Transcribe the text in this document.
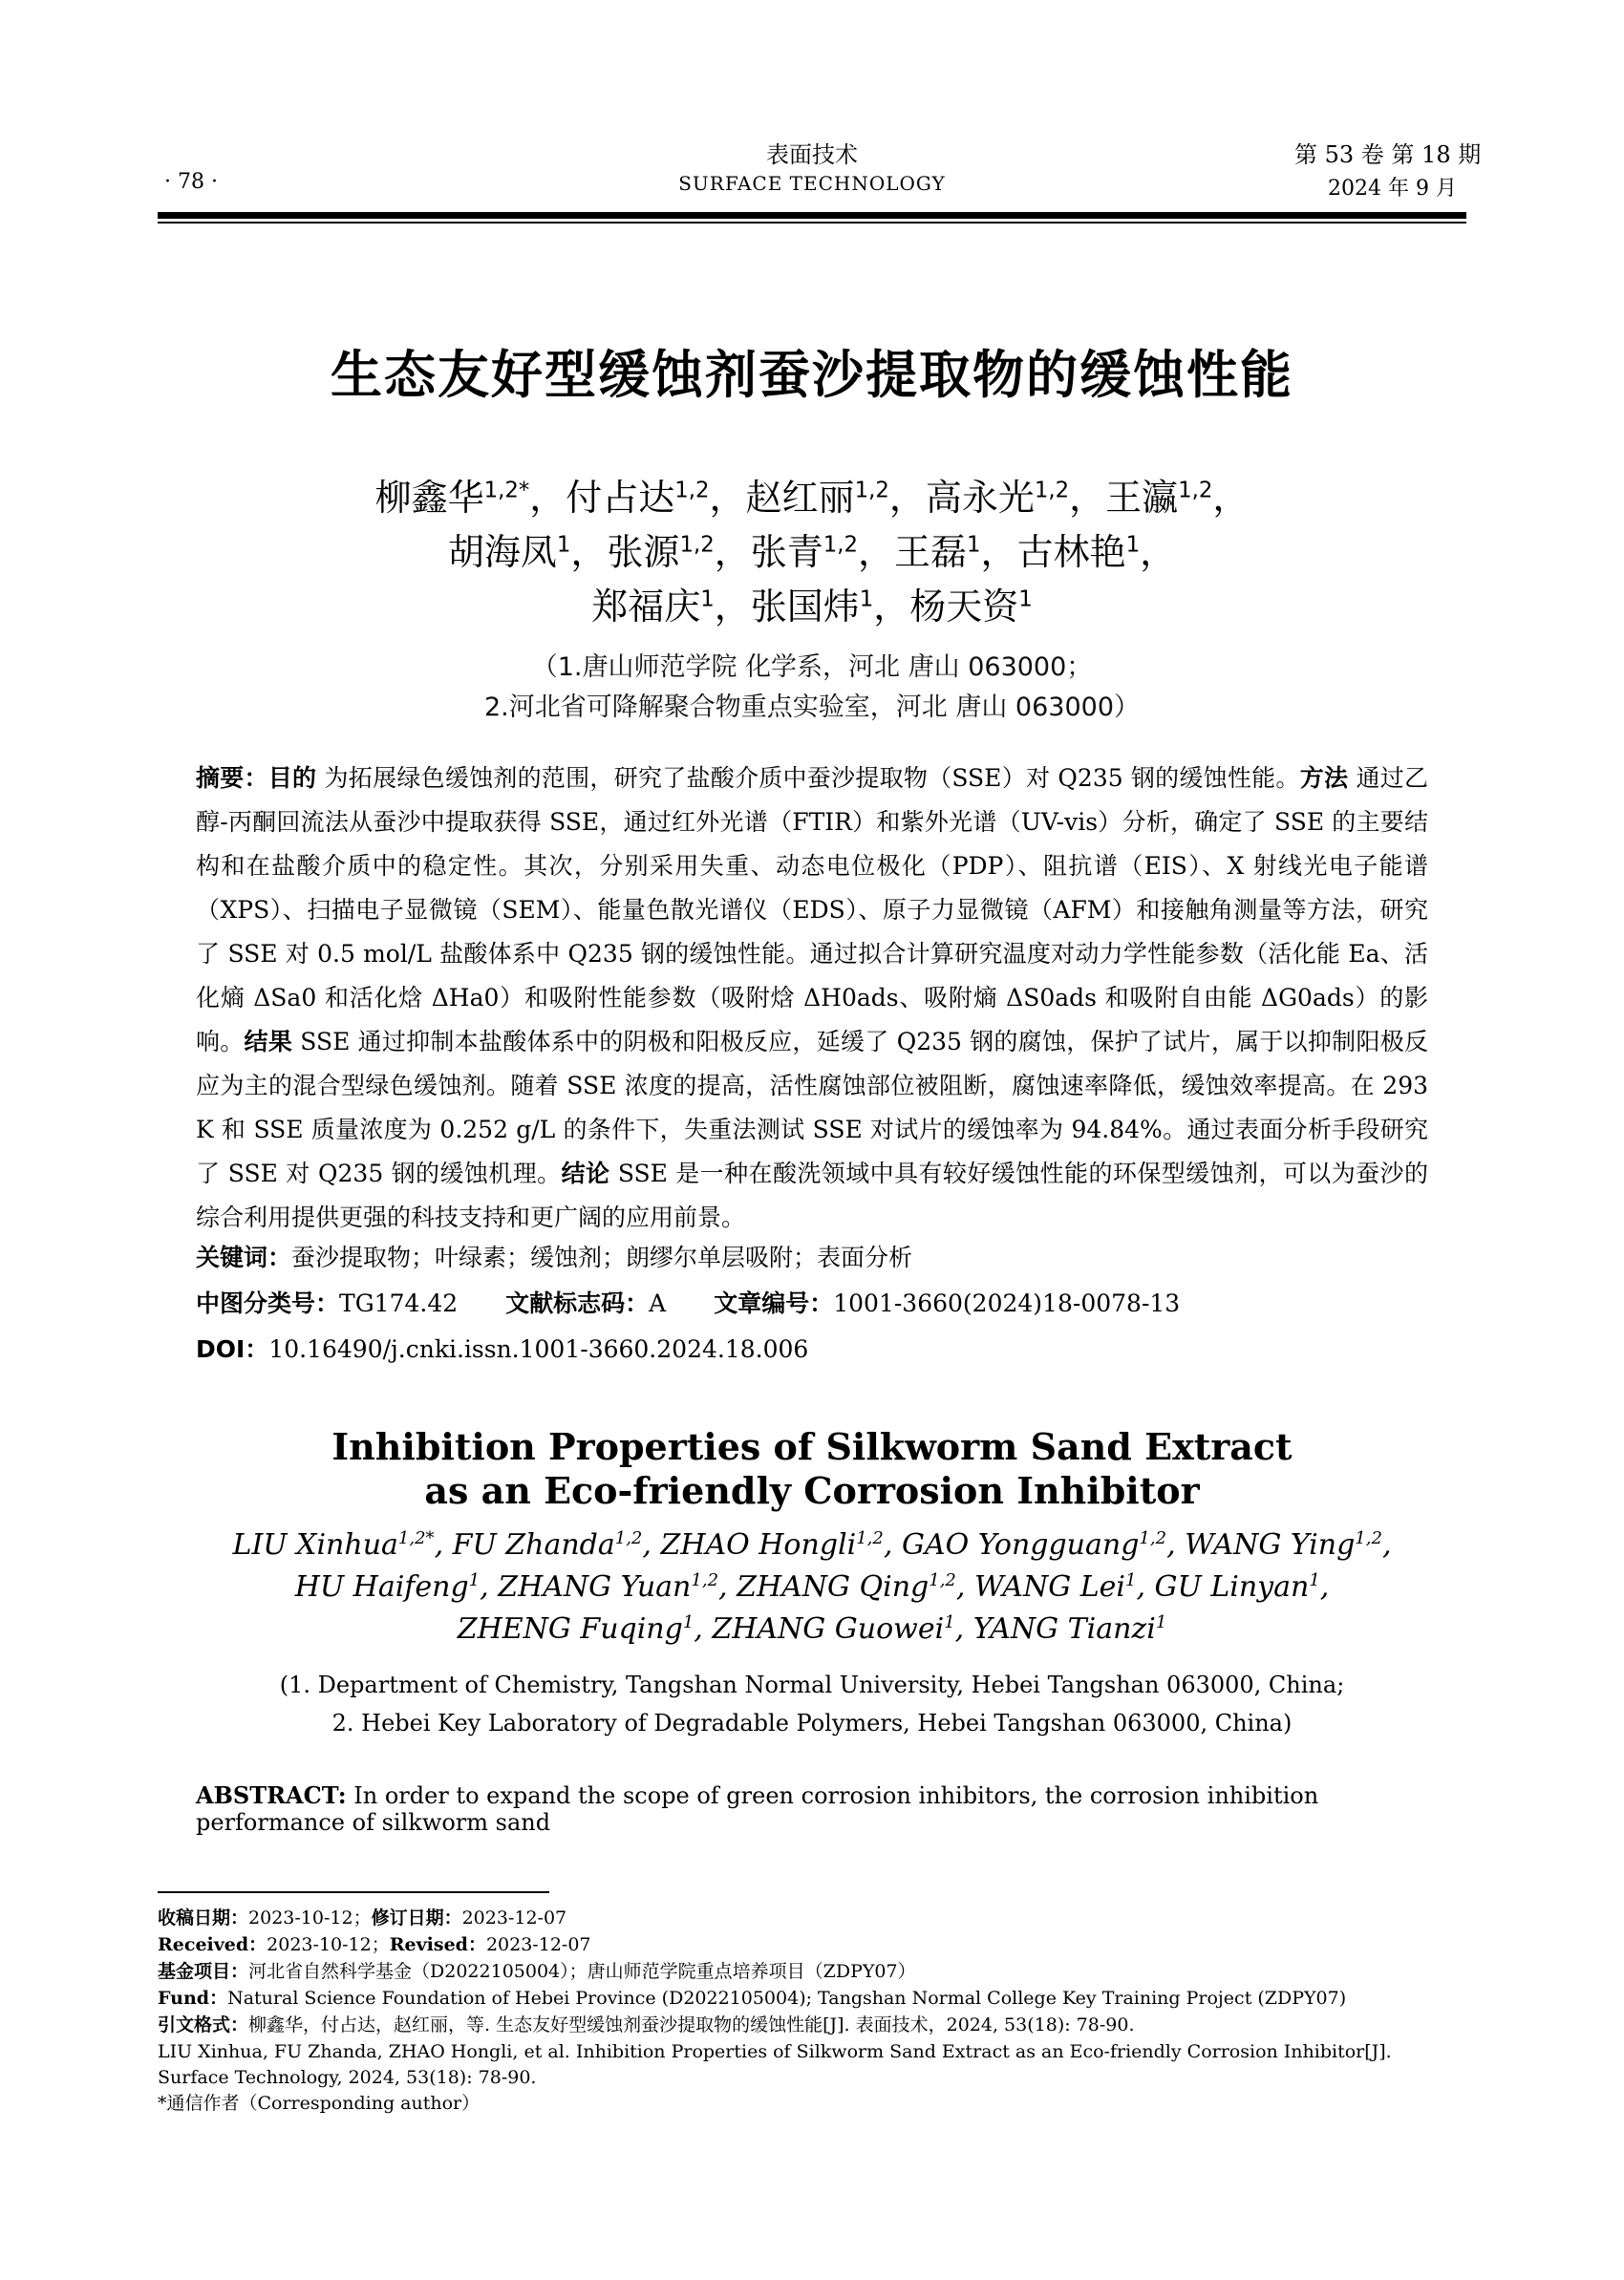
· 78 ·
表面技术
SURFACE TECHNOLOGY
第 53 卷 第 18 期
2024 年 9 月
生态友好型缓蚀剂蚕沙提取物的缓蚀性能
柳鑫华$^{1,2*}$，付占达$^{1,2}$，赵红丽$^{1,2}$，高永光$^{1,2}$，王瀛$^{1,2}$，
胡海凤$^1$，张源$^{1,2}$，张青$^{1,2}$，王磊$^1$，古林艳$^1$，
郑福庆$^1$，张国炜$^1$，杨天资$^1$
（1.唐山师范学院 化学系，河北 唐山 063000；
2.河北省可降解聚合物重点实验室，河北 唐山 063000）
摘要：目的 为拓展绿色缓蚀剂的范围，研究了盐酸介质中蚕沙提取物（SSE）对 Q235 钢的缓蚀性能。方法 通过乙醇-丙酮回流法从蚕沙中提取获得 SSE，通过红外光谱（FTIR）和紫外光谱（UV-vis）分析，确定了 SSE 的主要结构和在盐酸介质中的稳定性。其次，分别采用失重、动态电位极化（PDP）、阻抗谱（EIS）、X 射线光电子能谱（XPS）、扫描电子显微镜（SEM）、能量色散光谱仪（EDS）、原子力显微镜（AFM）和接触角测量等方法，研究了 SSE 对 0.5 mol/L 盐酸体系中 Q235 钢的缓蚀性能。通过拟合计算研究温度对动力学性能参数（活化能 Ea、活化熵 ΔSa0 和活化焓 ΔHa0）和吸附性能参数（吸附焓 ΔH0ads、吸附熵 ΔS0ads 和吸附自由能 ΔG0ads）的影响。结果 SSE 通过抑制本盐酸体系中的阴极和阳极反应，延缓了 Q235 钢的腐蚀，保护了试片，属于以抑制阳极反应为主的混合型绿色缓蚀剂。随着 SSE 浓度的提高，活性腐蚀部位被阻断，腐蚀速率降低，缓蚀效率提高。在 293 K 和 SSE 质量浓度为 0.252 g/L 的条件下，失重法测试 SSE 对试片的缓蚀率为 94.84%。通过表面分析手段研究了 SSE 对 Q235 钢的缓蚀机理。结论 SSE 是一种在酸洗领域中具有较好缓蚀性能的环保型缓蚀剂，可以为蚕沙的综合利用提供更强的科技支持和更广阔的应用前景。
关键词：蚕沙提取物；叶绿素；缓蚀剂；朗缪尔单层吸附；表面分析
中图分类号：TG174.42 文献标志码：A 文章编号：1001-3660(2024)18-0078-13
DOI：10.16490/j.cnki.issn.1001-3660.2024.18.006
Inhibition Properties of Silkworm Sand Extract
as an Eco-friendly Corrosion Inhibitor
LIU Xinhua$^{1,2*}$, FU Zhanda$^{1,2}$, ZHAO Hongli$^{1,2}$, GAO Yongguang$^{1,2}$, WANG Ying$^{1,2}$,
HU Haifeng$^1$, ZHANG Yuan$^{1,2}$, ZHANG Qing$^{1,2}$, WANG Lei$^1$, GU Linyan$^1$,
ZHENG Fuqing$^1$, ZHANG Guowei$^1$, YANG Tianzi$^1$
(1. Department of Chemistry, Tangshan Normal University, Hebei Tangshan 063000, China;
2. Hebei Key Laboratory of Degradable Polymers, Hebei Tangshan 063000, China)
ABSTRACT: In order to expand the scope of green corrosion inhibitors, the corrosion inhibition performance of silkworm sand
收稿日期：2023-10-12；修订日期：2023-12-07
Received：2023-10-12；Revised：2023-12-07
基金项目：河北省自然科学基金（D2022105004）；唐山师范学院重点培养项目（ZDPY07）
Fund：Natural Science Foundation of Hebei Province (D2022105004); Tangshan Normal College Key Training Project (ZDPY07)
引文格式：柳鑫华，付占达，赵红丽，等. 生态友好型缓蚀剂蚕沙提取物的缓蚀性能[J]. 表面技术，2024, 53(18): 78-90.
LIU Xinhua, FU Zhanda, ZHAO Hongli, et al. Inhibition Properties of Silkworm Sand Extract as an Eco-friendly Corrosion Inhibitor[J]. Surface Technology, 2024, 53(18): 78-90.
*通信作者（Corresponding author）
